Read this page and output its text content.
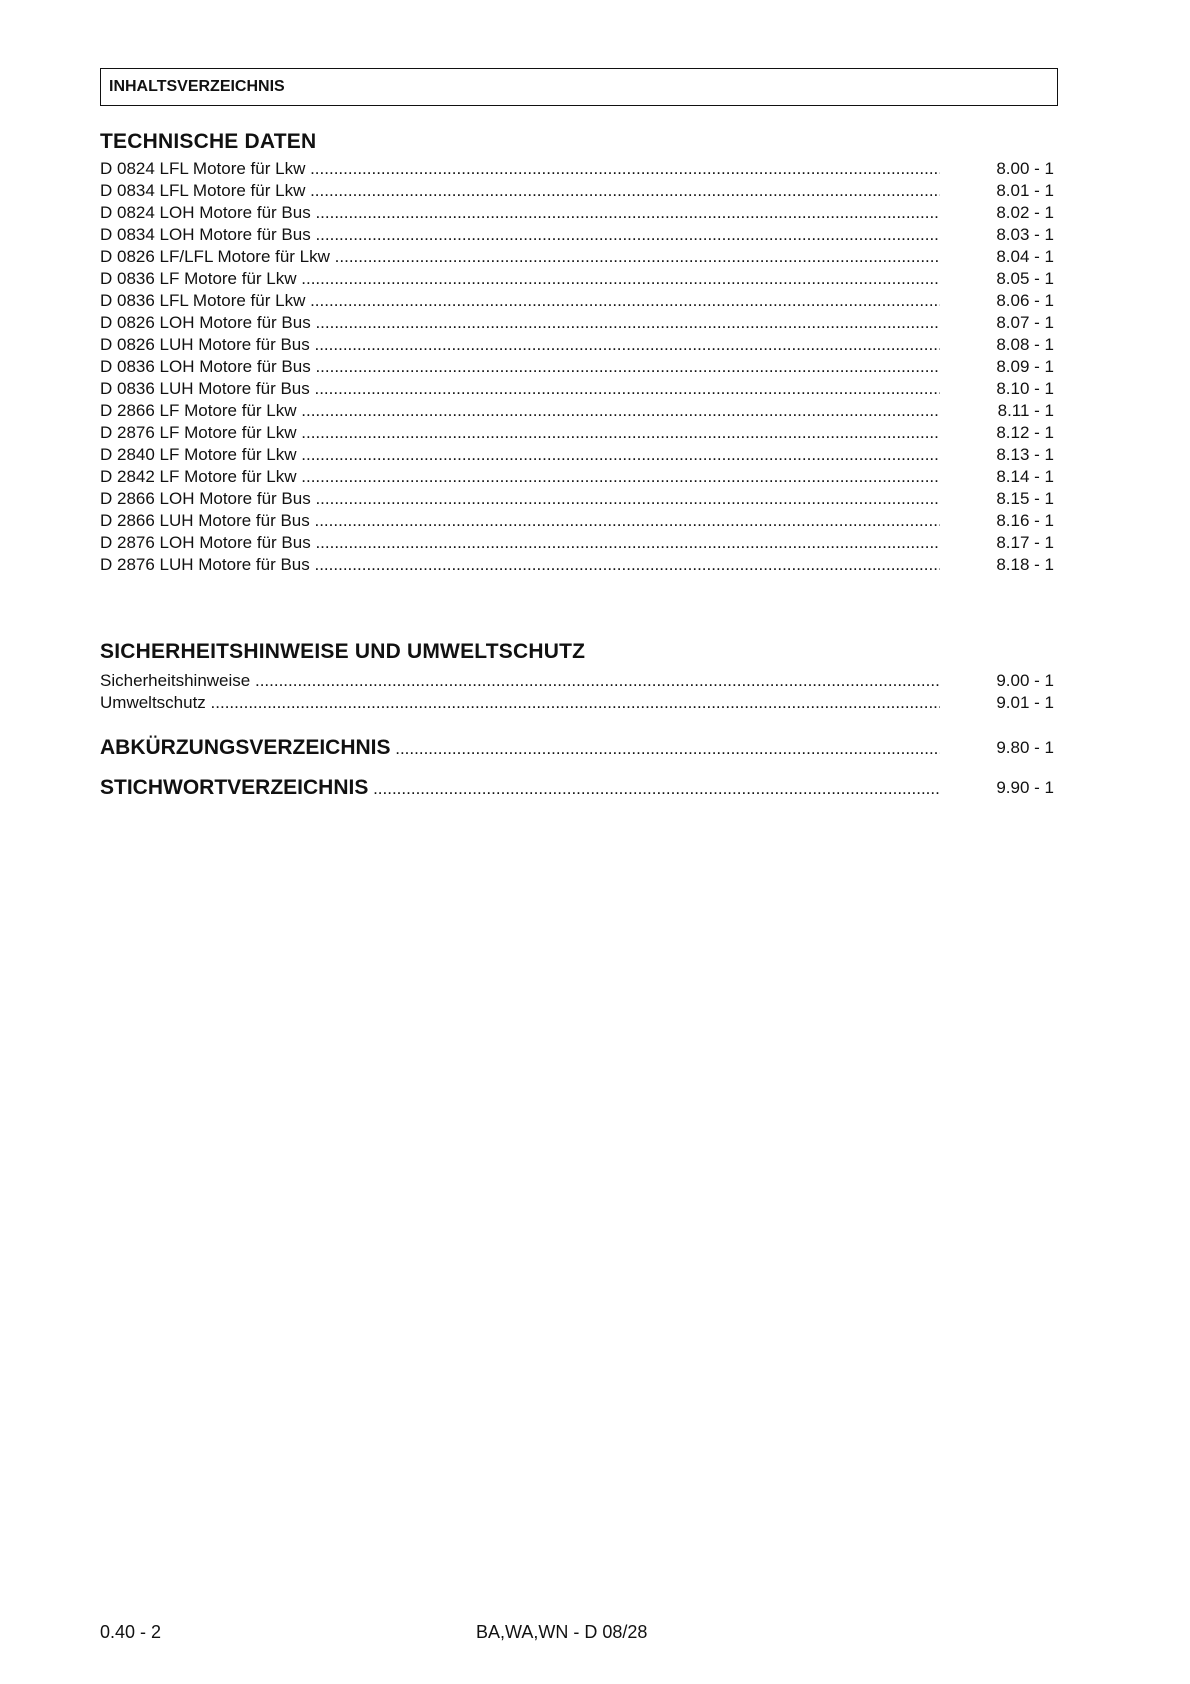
INHALTSVERZEICHNIS
TECHNISCHE DATEN
D 0824 LFL Motore für Lkw .....	8.00 - 1
D 0834 LFL Motore für Lkw .....	8.01 - 1
D 0824 LOH Motore für Bus .....	8.02 - 1
D 0834 LOH Motore für Bus .....	8.03 - 1
D 0826 LF/LFL Motore für Lkw .....	8.04 - 1
D 0836 LF Motore für Lkw .....	8.05 - 1
D 0836 LFL Motore für Lkw .....	8.06 - 1
D 0826 LOH Motore für Bus .....	8.07 - 1
D 0826 LUH Motore für Bus .....	8.08 - 1
D 0836 LOH Motore für Bus .....	8.09 - 1
D 0836 LUH Motore für Bus .....	8.10 - 1
D 2866 LF Motore für Lkw .....	8.11 - 1
D 2876 LF Motore für Lkw .....	8.12 - 1
D 2840 LF Motore für Lkw .....	8.13 - 1
D 2842 LF Motore für Lkw .....	8.14 - 1
D 2866 LOH Motore für Bus .....	8.15 - 1
D 2866 LUH Motore für Bus .....	8.16 - 1
D 2876 LOH Motore für Bus .....	8.17 - 1
D 2876 LUH Motore für Bus .....	8.18 - 1
SICHERHEITSHINWEISE UND UMWELTSCHUTZ
Sicherheitshinweise .....	9.00 - 1
Umweltschutz .....	9.01 - 1
ABKÜRZUNGSVERZEICHNIS .....	9.80 - 1
STICHWORTVERZEICHNIS .....	9.90 - 1
0.40 - 2	BA,WA,WN - D 08/28
